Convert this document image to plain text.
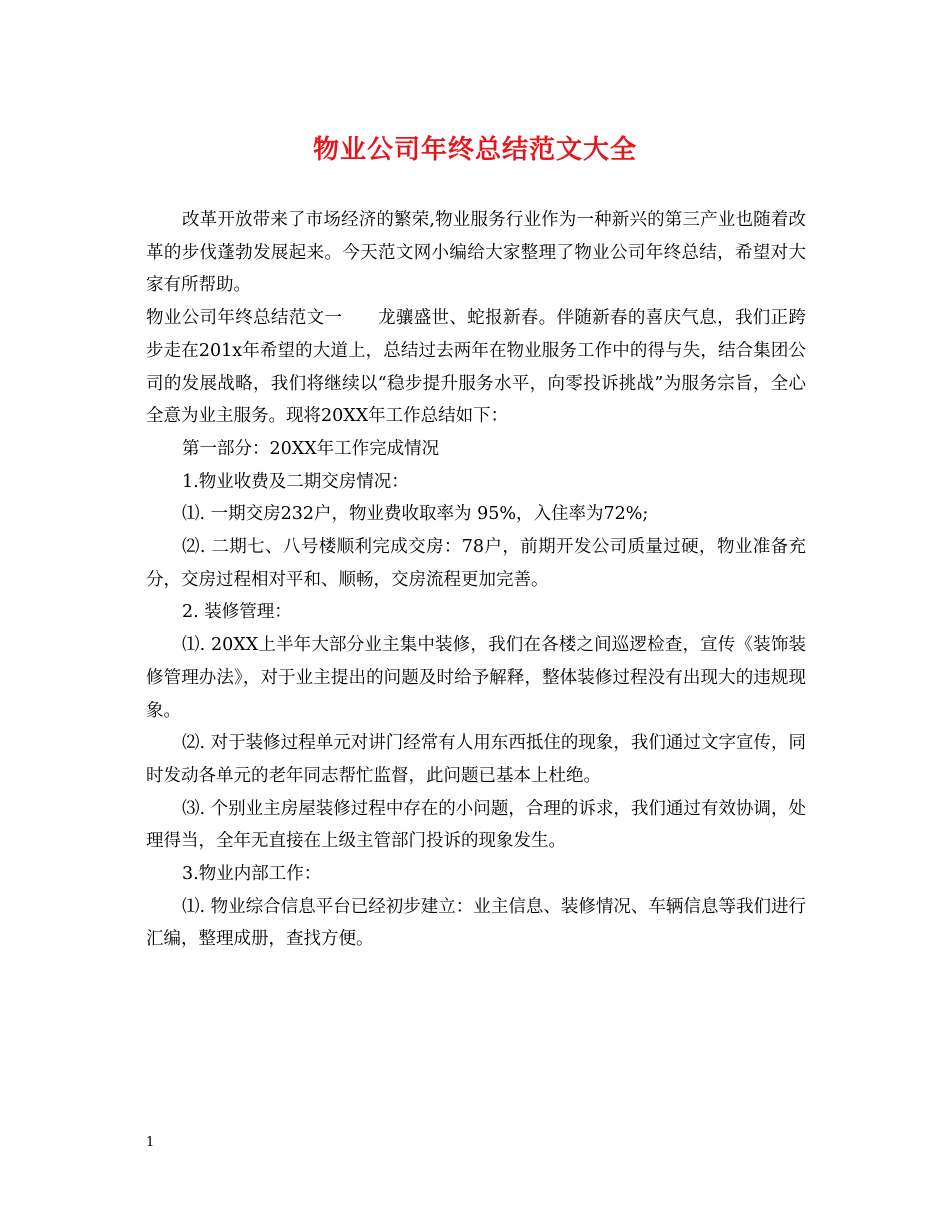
物业公司年终总结范文大全

改革开放带来了市场经济的繁荣,物业服务行业作为一种新兴的第三产业也随着改革的步伐蓬勃发展起来。今天范文网小编给大家整理了物业公司年终总结，希望对大家有所帮助。

物业公司年终总结范文一　　龙骧盛世、蛇报新春。伴随新春的喜庆气息，我们正跨步走在201x年希望的大道上，总结过去两年在物业服务工作中的得与失，结合集团公司的发展战略，我们将继续以“稳步提升服务水平，向零投诉挑战”为服务宗旨，全心全意为业主服务。现将20XX年工作总结如下：

第一部分：20XX年工作完成情况

1.物业收费及二期交房情况：

⑴. 一期交房232户，物业费收取率为 95%，入住率为72%;

⑵. 二期七、八号楼顺利完成交房：78户，前期开发公司质量过硬，物业准备充分，交房过程相对平和、顺畅，交房流程更加完善。

2. 装修管理：

⑴. 20XX上半年大部分业主集中装修，我们在各楼之间巡逻检查，宣传《装饰装修管理办法》，对于业主提出的问题及时给予解释，整体装修过程没有出现大的违规现象。

⑵. 对于装修过程单元对讲门经常有人用东西抵住的现象，我们通过文字宣传，同时发动各单元的老年同志帮忙监督，此问题已基本上杜绝。

⑶. 个别业主房屋装修过程中存在的小问题，合理的诉求，我们通过有效协调，处理得当，全年无直接在上级主管部门投诉的现象发生。

3.物业内部工作：

⑴. 物业综合信息平台已经初步建立：业主信息、装修情况、车辆信息等我们进行汇编，整理成册，查找方便。

1
